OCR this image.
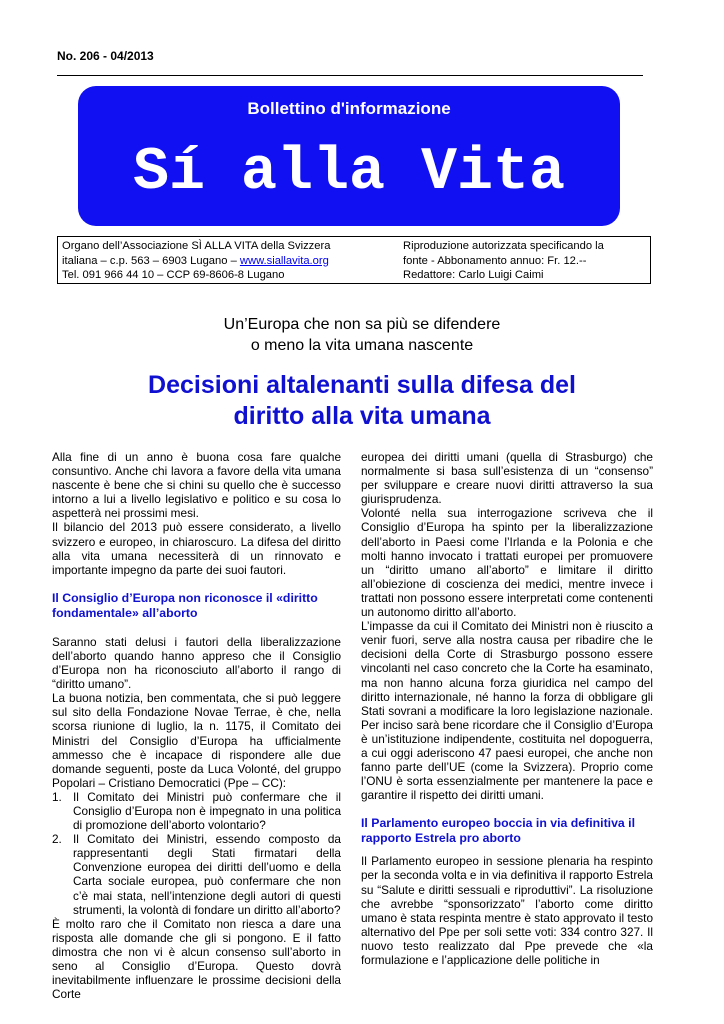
No. 206 - 04/2013
Bollettino d'informazione
Sí alla Vita
Organo dell’Associazione SÌ ALLA VITA della Svizzera
italiana – c.p. 563 – 6903 Lugano – www.siallavita.org
Tel. 091 966 44 10 – CCP 69-8606-8 Lugano
Riproduzione autorizzata specificando la
fonte - Abbonamento annuo: Fr. 12.--
Redattore: Carlo Luigi Caimi
Un’Europa che non sa più se difendere
o meno la vita umana nascente
Decisioni altalenanti sulla difesa del
diritto alla vita umana

Alla fine di un anno è buona cosa fare qualche consuntivo. Anche chi lavora a favore della vita umana nascente è bene che si chini su quello che è successo intorno a lui a livello legislativo e politico e su cosa lo aspetterà nei prossimi mesi.

Il bilancio del 2013 può essere considerato, a livello svizzero e europeo, in chiaroscuro. La difesa del diritto alla vita umana necessiterà di un rinnovato e importante impegno da parte dei suoi fautori.

Il Consiglio d’Europa non riconosce il «diritto fondamentale» all’aborto

Saranno stati delusi i fautori della liberalizzazione dell’aborto quando hanno appreso che il Consiglio d’Europa non ha riconosciuto all’aborto il rango di “diritto umano”.

La buona notizia, ben commentata, che si può leggere sul sito della Fondazione Novae Terrae, è che, nella scorsa riunione di luglio, la n. 1175, il Comitato dei Ministri del Consiglio d’Europa ha ufficialmente ammesso che è incapace di rispondere alle due domande seguenti, poste da Luca Volonté, del gruppo Popolari – Cristiano Democratici (Ppe – CC):

1. Il Comitato dei Ministri può confermare che il Consiglio d’Europa non è impegnato in una politica di promozione dell’aborto volontario?
2. Il Comitato dei Ministri, essendo composto da rappresentanti degli Stati firmatari della Convenzione europea dei diritti dell’uomo e della Carta sociale europea, può confermare che non c’è mai stata, nell’intenzione degli autori di questi strumenti, la volontà di fondare un diritto all’aborto?

È molto raro che il Comitato non riesca a dare una risposta alle domande che gli si pongono. E il fatto dimostra che non vi è alcun consenso sull’aborto in seno al Consiglio d’Europa. Questo dovrà inevitabilmente influenzare le prossime decisioni della Corte

europea dei diritti umani (quella di Strasburgo) che normalmente si basa sull’esistenza di un “consenso” per sviluppare e creare nuovi diritti attraverso la sua giurisprudenza.

Volonté nella sua interrogazione scriveva che il Consiglio d’Europa ha spinto per la liberalizzazione dell’aborto in Paesi come l’Irlanda e la Polonia e che molti hanno invocato i trattati europei per promuovere un “diritto umano all’aborto” e limitare il diritto all’obiezione di coscienza dei medici, mentre invece i trattati non possono essere interpretati come contenenti un autonomo diritto all’aborto.

L’impasse da cui il Comitato dei Ministri non è riuscito a venir fuori, serve alla nostra causa per ribadire che le decisioni della Corte di Strasburgo possono essere vincolanti nel caso concreto che la Corte ha esaminato, ma non hanno alcuna forza giuridica nel campo del diritto internazionale, né hanno la forza di obbligare gli Stati sovrani a modificare la loro legislazione nazionale. Per inciso sarà bene ricordare che il Consiglio d’Europa è un’istituzione indipendente, costituita nel dopoguerra, a cui oggi aderiscono 47 paesi europei, che anche non fanno parte dell’UE (come la Svizzera). Proprio come l’ONU è sorta essenzialmente per mantenere la pace e garantire il rispetto dei diritti umani.

Il Parlamento europeo boccia in via definitiva il rapporto Estrela pro aborto

Il Parlamento europeo in sessione plenaria ha respinto per la seconda volta e in via definitiva il rapporto Estrela su “Salute e diritti sessuali e riproduttivi”. La risoluzione che avrebbe “sponsorizzato” l’aborto come diritto umano è stata respinta mentre è stato approvato il testo alternativo del Ppe per soli sette voti: 334 contro 327. Il nuovo testo realizzato dal Ppe prevede che «la formulazione e l’applicazione delle politiche in
